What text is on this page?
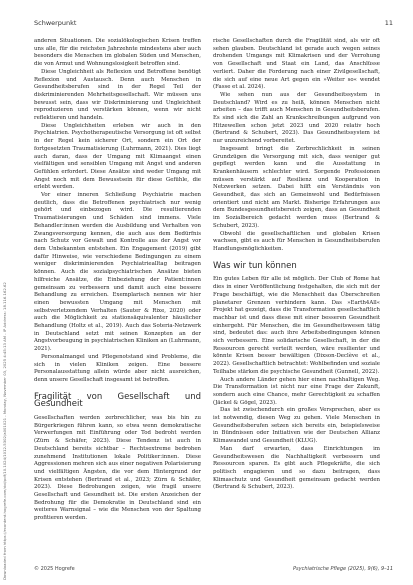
Downloaded from https://econtent.hogrefe.com/doi/pdf/10.1024/1012-5302/a001021 - Monday, November 03, 2025 4:45:13 AM - IP Address: 18.116.162.62
Schwerpunkt	11

anderen Situationen. Die sozialökologischen Krisen treffen uns alle, für die reichsten Jahrzehnte mindestens aber auch besonders die Menschen im globalen Süden und Menschen, die von Armut und Wohnungslosigkeit betroffen sind.

Diese Ungleichheit als Reflexion und Betroffene benötigt Reflexion und Austausch. Denn auch Menschen in Gesundheitsberufen sind in der Regel Teil der diskriminierenden Mehrheitsgesellschaft. Wir müssen uns bewusst sein, dass wir Diskriminierung und Ungleichheit reproduzieren und verstärken können, wenn wir nicht reflektieren und handeln.

Diese Ungleichheiten erleben wir auch in den Psychiatrien. Psychotherapeutische Versorgung ist oft selbst in der Regel kein sicherer Ort, sondern ein Ort der fortgesetzten Traumatisierung (Luhrmann, 2021). Dies liegt auch daran, dass der Umgang mit Klimaangst einen vielfältigen und sensiblen Umgang mit Angst und anderen Gefühlen erfordert. Diese Ansätze sind weder Umgang mit Angst noch mit dem Bewusstsein für diese Gefühle, die erlebt werden.

Vor einer inneren Schließung Psychiatrie machen deutlich, dass die Betroffenen psychiatrisch nur wenig gehört und einbezogen wird. Die resultierenden Traumatisierungen und Schäden sind immens. Viele Behandler:innen werden die Ausbildung und Verhalten von Zwangsversorgung kennen, die auch aus dem Bedürfnis nach Schutz vor Gewalt und Kontrolle aus der Angst vor dem Unbekannten entstehen. Ein Engagement (2019) gibt dafür Hinweise, wie verschiedene Bedingungen zu einem weniger diskriminierenden Psychiatriealltag beitragen können. Auch die sozialpsychiatrischen Ansätze bieten hilfreiche Ansätze, die Einbeziehung der Patient:innen gemeinsam zu verbessern und damit auch eine bessere Behandlung zu erreichen. Exemplarisch nennen wir hier einen bewussten Umgang mit Menschen mit selbstverletzendem Verhalten (Sauter & Rixe, 2020) oder auch die Möglichkeit zu stationsäquivalenter häuslicher Behandlung (Holtz et al., 2019). Auch das Soteria-Netzwerk in Deutschland setzt mit seinen Konzepten an der Angstvorbeugung in psychiatrischen Kliniken an (Luhrmann, 2021).

Personalmangel und Pflegenotstand sind Probleme, die sich in vielen Kliniken zeigen. Eine bessere Personalausstattung allein würde aber nicht ausreichen, denn unsere Gesellschaft insgesamt ist betroffen.

Fragilität von Gesellschaft und Gesundheit

Gesellschaften werden zerbrechlicher, was bis hin zu Bürgerkriegen führen kann, so etwa wenn demokratische Verwerfungen mit Einführung oder Tod bedroht werden (Zürn & Schäfer, 2023). Diese Tendenz ist auch in Deutschland bereits sichtbar – Rechtsextreme bedrohen zunehmend Institutionen lokale Politiker:innen. Diese Aggressionen mehren sich aus einer negativen Polarisierung und vielfältigen Ängsten, die vor dem Hintergrund der Krisen entstehen (Bertrand et al., 2023; Zürn & Schäfer, 2023). Diese Bedrohungen zeigen, wie fragil unsere Gesellschaft und Gesundheit ist. Die ersten Anzeichen der Bedrohung für die Demokratie in Deutschland sind ein weiteres Warnsignal – wie die Menschen von der Spaltung profitieren werden.

rische Gesellschaften durch die Fragilität sind, als wir oft sehen glauben. Deutschland ist gerade auch wegen seines drohenden Umgangs mit Klimakrisen und der Verrohung von Gesellschaft und Staat ein Land, das Anschlüsse verliert. Daher die Forderung nach einer Zivilgesellschaft, die sich auf eine neue Art gegen ein »Weiter so« wendet (Fasse et al. 2024).

Wie sehen nun aus der Gesundheitssystem in Deutschland? Wird es zu heiß, können Menschen nicht arbeiten – das trifft auch Menschen in Gesundheitsberufen. Es sind sich die Zahl an Krankschreibungen aufgrund von Hitzewellen schon jetzt 2023 und 2020 relativ hoch (Bertrand & Schubert, 2023). Das Gesundheitssystem ist nur unzureichend vorbereitet.

Insgesamt bringt die Zerbrechlichkeit in seinen Grundzügen die Versorgung mit sich, dass weniger gut gepflegt werden kann und die Ausstattung in Krankenhäusern schlechter wird. Sorgende Professionen müssen verstärkt auf Resilienz und Kooperation in Netzwerken setzen. Dabei hilft ein Verständnis von Gesundheit, das sich an Gemeinwohl und Bedürfnissen orientiert und nicht am Markt. Bisherige Erfahrungen aus dem Bundesgesundheitsbereich zeigen, dass an Gesundheit im Sozialbereich gedacht werden muss (Bertrand & Schubert, 2023).

Obwohl die gesellschaftlichen und globalen Krisen wachsen, gibt es auch für Menschen in Gesundheitsberufen Handlungsmöglichkeiten.

Was wir tun können

Ein gutes Leben für alle ist möglich. Der Club of Rome hat dies in einer Veröffentlichung festgehalten, die sich mit der Frage beschäftigt, wie die Menschheit das Überschreiten planetarer Grenzen verhindern kann. Das »Earth4All« Projekt hat gezeigt, dass die Transformation gesellschaftlich machbar ist und dass diese mit einer besseren Gesundheit einhergeht. Für Menschen, die im Gesundheitswesen tätig sind, bedeutet das: auch ihre Arbeitsbedingungen können sich verbessern. Eine solidarische Gesellschaft, in der die Ressourcen gerecht verteilt werden, wäre resilienter und könnte Krisen besser bewältigen (Dixson-Declève et al., 2022). Gesellschaftlich betrachtet: Wohlbefinden und soziale Teilhabe stärken die psychische Gesundheit (Gunnell, 2022).

Auch andere Länder gehen hier einen nachhaltigen Weg. Die Transformation ist nicht nur eine Frage der Zukunft, sondern auch eine Chance, mehr Gerechtigkeit zu schaffen (Jäckel & Gögel, 2023).

Das ist zwischendurch ein großes Versprechen, aber es ist notwendig, diesen Weg zu gehen. Viele Menschen in Gesundheitsberufen setzen sich bereits ein, beispielsweise in Bündnissen oder Initiativen wie der Deutschen Allianz Klimawandel und Gesundheit (KLUG).

Man darf erwarten, dass Einrichtungen im Gesundheitswesen die Nachhaltigkeit verbessern und Ressourcen sparen. Es gibt auch Pflegekräfte, die sich politisch engagieren und so dazu beitragen, dass Klimaschutz und Gesundheit gemeinsam gedacht werden (Bertrand & Schubert, 2023).

© 2025 Hogrefe	Psychiatrische Pflege (2025), 9(6), 9–11
